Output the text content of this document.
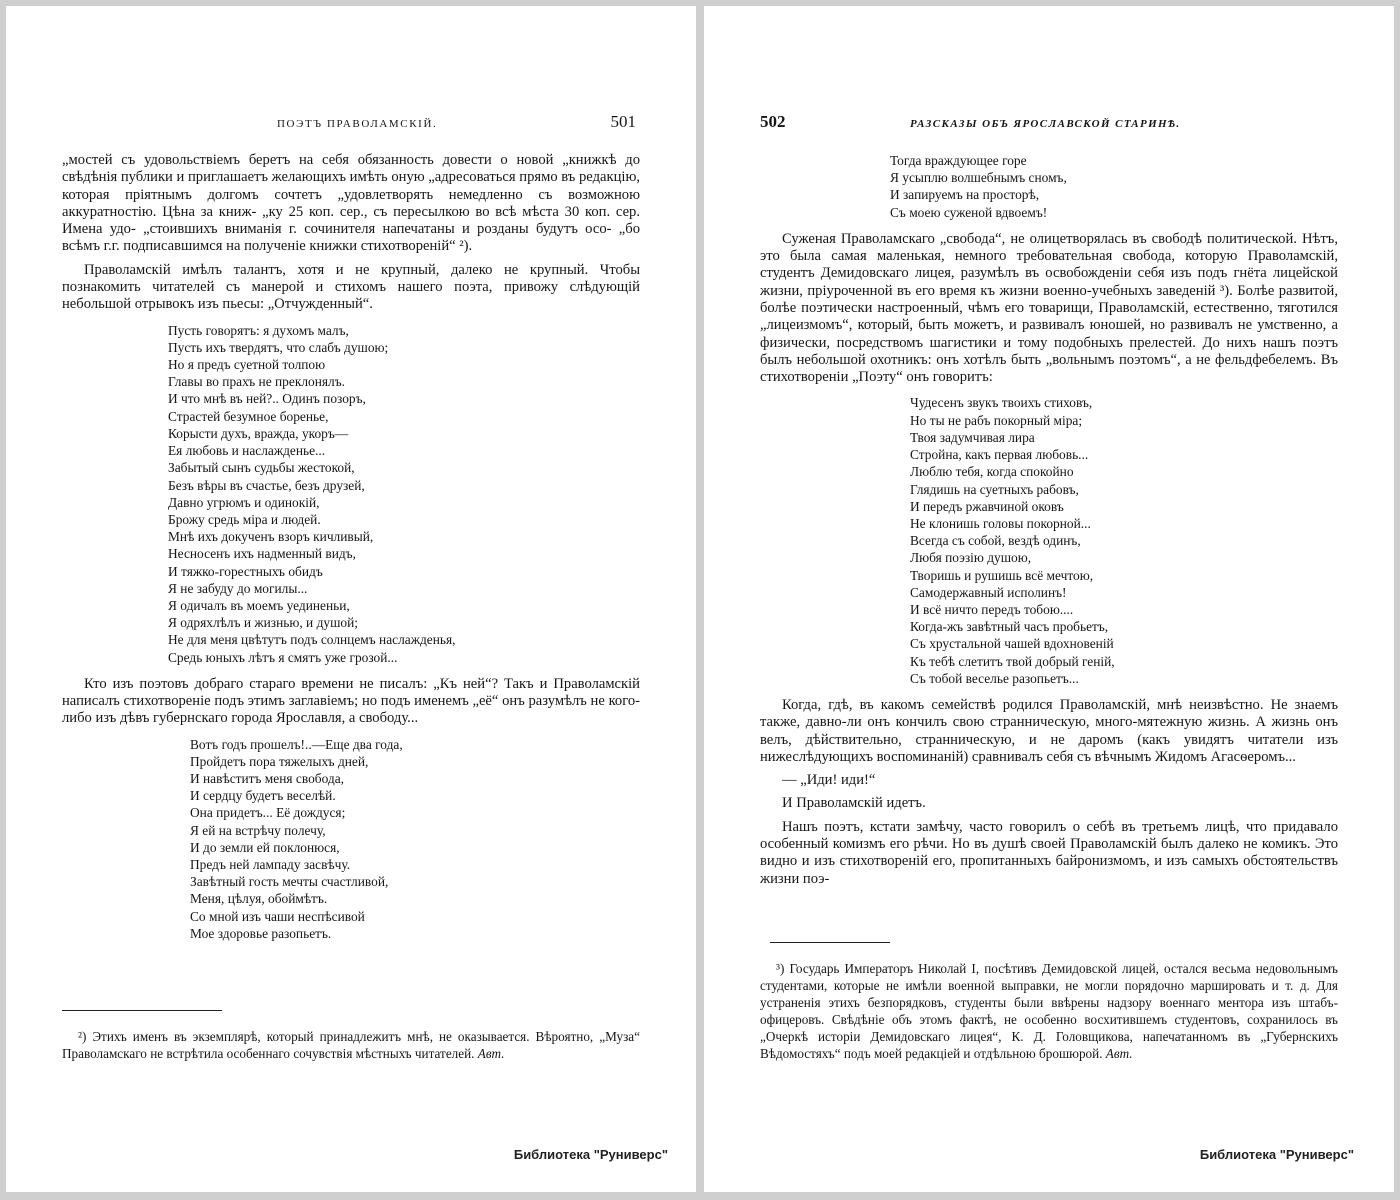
ПОЭТЪ ПРАВОЛАМСКІЙ.	501

„мостей съ удовольствіемъ беретъ на себя обязанность довести о новой „книжкѣ до свѣдѣнія публики и приглашаетъ желающихъ имѣть оную „адресоваться прямо въ редакцію, которая пріятнымъ долгомъ сочтетъ „удовлетворять немедленно съ возможною аккуратностію. Цѣна за книж- „ку 25 коп. сер., съ пересылкою во всѣ мѣста 30 коп. сер. Имена удо- „стоившихъ вниманія г. сочинителя напечатаны и розданы будутъ осо- „бо всѣмъ г.г. подписавшимся на полученіе книжки стихотвореній“ ²).

Праволамскій имѣлъ талантъ, хотя и не крупный, далеко не крупный. Чтобы познакомить читателей съ манерой и стихомъ нашего поэта, привожу слѣдующій небольшой отрывокъ изъ пьесы: „Отчужденный“.

Пусть говорятъ: я духомъ малъ,
Пусть ихъ твердятъ, что слабъ душою;
Но я предъ суетной толпою
Главы во прахъ не преклонялъ.
И что мнѣ въ ней?.. Одинъ позоръ,
Страстей безумное боренье,
Корысти духъ, вражда, укоръ—
Ея любовь и наслажденье...
Забытый сынъ судьбы жестокой,
Безъ вѣры въ счастье, безъ друзей,
Давно угрюмъ и одинокій,
Брожу средь міра и людей.
Мнѣ ихъ докученъ взоръ кичливый,
Несносенъ ихъ надменный видъ,
И тяжко-горестныхъ обидъ
Я не забуду до могилы...
Я одичалъ въ моемъ уединеньи,
Я одряхлѣлъ и жизнью, и душой;
Не для меня цвѣтутъ подъ солнцемъ наслажденья,
Средь юныхъ лѣтъ я смятъ уже грозой...

Кто изъ поэтовъ добраго стараго времени не писалъ: „Къ ней“? Такъ и Праволамскій написалъ стихотвореніе подъ этимъ заглавіемъ; но подъ именемъ „её“ онъ разумѣлъ не кого-либо изъ дѣвъ губернскаго города Ярославля, а свободу...

Вотъ годъ прошелъ!..—Еще два года,
Пройдетъ пора тяжелыхъ дней,
И навѣститъ меня свобода,
И сердцу будетъ веселѣй.
Она придетъ... Её дождуся;
Я ей на встрѣчу полечу,
И до земли ей поклонюся,
Предъ ней лампаду засвѣчу.
Завѣтный гость мечты счастливой,
Меня, цѣлуя, обоймѣтъ.
Со мной изъ чаши неспѣсивой
Мое здоровье разопьетъ.

²) Этихъ именъ въ экземплярѣ, который принадлежитъ мнѣ, не оказывается. Вѣроятно, „Муза“ Праволамскаго не встрѣтила особеннаго сочувствія мѣстныхъ читателей. Авт.

Библиотека "Руниверс"
502	РАЗСКАЗЫ ОБЪ ЯРОСЛАВСКОЙ СТАРИНѢ.
Тогда враждующее горе
Я усыплю волшебнымъ сномъ,
И запируемъ на просторѣ,
Съ моею суженой вдвоемъ!

Суженая Праволамскаго „свобода“, не олицетворялась въ свободѣ политической. Нѣтъ, это была самая маленькая, немного требовательная свобода, которую Праволамскій, студентъ Демидовскаго лицея, разумѣлъ въ освобожденіи себя изъ подъ гнёта лицейской жизни, пріуроченной въ его время къ жизни военно-учебныхъ заведеній ³). Болѣе развитой, болѣе поэтически настроенный, чѣмъ его товарищи, Праволамскій, естественно, тяготился „лицеизмомъ“, который, быть можетъ, и развивалъ юношей, но развивалъ не умственно, а физически, посредствомъ шагистики и тому подобныхъ прелестей. До нихъ нашъ поэтъ былъ небольшой охотникъ: онъ хотѣлъ быть „вольнымъ поэтомъ“, а не фельдфебелемъ. Въ стихотвореніи „Поэту“ онъ говоритъ:

Чудесенъ звукъ твоихъ стиховъ,
Но ты не рабъ покорный міра;
Твоя задумчивая лира
Стройна, какъ первая любовь...
Люблю тебя, когда спокойно
Глядишь на суетныхъ рабовъ,
И передъ ржавчиной оковъ
Не клонишь головы покорной...
Всегда съ собой, вездѣ одинъ,
Любя поэзію душою,
Творишь и рушишь всё мечтою,
Самодержавный исполинъ!
И всё ничто передъ тобою....
Когда-жъ завѣтный часъ пробьетъ,
Съ хрустальной чашей вдохновеній
Къ тебѣ слетитъ твой добрый геній,
Съ тобой веселье разопьетъ...

Когда, гдѣ, въ какомъ семействѣ родился Праволамскій, мнѣ неизвѣстно. Не знаемъ также, давно-ли онъ кончилъ свою странническую, много-мятежную жизнь. А жизнь онъ велъ, дѣйствительно, странническую, и не даромъ (какъ увидятъ читатели изъ нижеслѣдующихъ воспоминаній) сравнивалъ себя съ вѣчнымъ Жидомъ Агасѳеромъ...

— „Иди! иди!“

И Праволамскій идетъ.

Нашъ поэтъ, кстати замѣчу, часто говорилъ о себѣ въ третьемъ лицѣ, что придавало особенный комизмъ его рѣчи. Но въ душѣ своей Праволамскій былъ далеко не комикъ. Это видно и изъ стихотвореній его, пропитанныхъ байронизмомъ, и изъ самыхъ обстоятельствъ жизни поэ-

³) Государь Императоръ Николай I, посѣтивъ Демидовской лицей, остался весьма недовольнымъ студентами, которые не имѣли военной выправки, не могли порядочно маршировать и т. д. Для устраненія этихъ безпорядковъ, студенты были ввѣрены надзору военнаго ментора изъ штабъ-офицеровъ. Свѣдѣніе объ этомъ фактѣ, не особенно восхитившемъ студентовъ, сохранилось въ „Очеркѣ исторіи Демидовскаго лицея“, К. Д. Головщикова, напечатанномъ въ „Губернскихъ Вѣдомостяхъ“ подъ моей редакціей и отдѣльною брошюрой. Авт.

Библиотека "Руниверс"
